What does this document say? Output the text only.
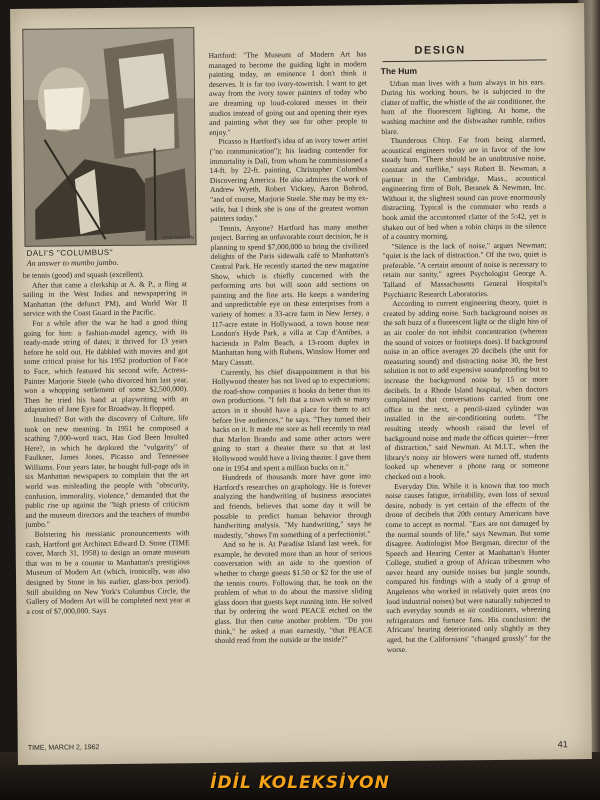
DON MARTIN
DALI'S "COLUMBUS"
An answer to mumbo jumbo.

be tennis (good) and squash (excellent).

After that came a clerkship at A. & P., a fling at sailing in the West Indies and newspapering in Manhattan (the defunct PM), and World War II service with the Coast Guard in the Pacific.

For a while after the war he had a good thing going for him: a fashion-model agency, with its ready-made string of dates; it thrived for 13 years before he sold out. He dabbled with movies and got some critical praise for his 1952 production of Face to Face, which featured his second wife, Actress-Painter Marjorie Steele (who divorced him last year, won a whopping settlement of some $2,500,000). Then he tried his hand at playwriting with an adaptation of Jane Eyre for Broadway. It flopped.

Insulted? But with the discovery of Culture, life took on new meaning. In 1951 he composed a scathing 7,000-word tract, Has God Been Insulted Here?, in which he deplored the "vulgarity" of Faulkner, James Jones, Picasso and Tennessee Williams. Four years later, he bought full-page ads in six Manhattan newspapers to complain that the art world was misleading the people with "obscurity, confusion, immorality, violence," demanded that the public rise up against the "high priests of criticism and the museum directors and the teachers of mumbo jumbo."

Bolstering his messianic pronouncements with cash, Hartford got Architect Edward D. Stone (TIME cover, March 31, 1958) to design an ornate museum that was to be a counter to Manhattan's prestigious Museum of Modern Art (which, ironically, was also designed by Stone in his earlier, glass-box period). Still abuilding on New York's Columbus Circle, the Gallery of Modern Art will be completed next year at a cost of $7,000,000. Says

Hartford: "The Museum of Modern Art has managed to become the guiding light in modern painting today, an eminence I don't think it deserves. It is far too ivory-towerish. I want to get away from the ivory tower painters of today who are dreaming up loud-colored messes in their studios instead of going out and opening their eyes and painting what they see for other people to enjoy."

Picasso is Hartford's idea of an ivory tower artist ("no communication"); his leading contender for immortality is Dali, from whom he commissioned a 14-ft. by 22-ft. painting, Christopher Columbus Discovering America. He also admires the work of Andrew Wyeth, Robert Vickrey, Aaron Bohrod, "and of course, Marjorie Steele. She may be my ex-wife, but I think she is one of the greatest woman painters today."

Tennis, Anyone? Hartford has many another project. Barring an unfavorable court decision, he is planning to spend $7,000,000 to bring the civilized delights of the Paris sidewalk café to Manhattan's Central Park. He recently started the new magazine Show, which is chiefly concerned with the performing arts but will soon add sections on painting and the fine arts. He keeps a wandering and unpredictable eye on these enterprises from a variety of homes: a 33-acre farm in New Jersey, a 117-acre estate in Hollywood, a town house near London's Hyde Park, a villa at Cap d'Antibes, a hacienda in Palm Beach, a 13-room duplex in Manhattan hung with Rubens, Winslow Homer and Mary Cassatt.

Currently, his chief disappointment is that his Hollywood theater has not lived up to expectations; the road-show companies it books do better than its own productions. "I felt that a town with so many actors in it should have a place for them to act before live audiences," he says. "They turned their backs on it. It made me sore as hell recently to read that Marlon Brando and some other actors were going to start a theater there so that at last Hollywood would have a living theater. I gave them one in 1954 and spent a million bucks on it."

Hundreds of thousands more have gone into Hartford's researches on graphology. He is forever analyzing the handwriting of business associates and friends, believes that some day it will be possible to predict human behavior through handwriting analysis. "My handwriting," says he modestly, "shows I'm something of a perfectionist."

And so he is. At Paradise Island last week, for example, he devoted more than an hour of serious conversation with an aide to the question of whether to charge guests $1.50 or $2 for the use of the tennis courts. Following that, he took on the problem of what to do about the massive sliding glass doors that guests kept running into. He solved that by ordering the word PEACE etched on the glass. But then came another problem. "Do you think," he asked a man earnestly, "that PEACE should read from the outside or the inside?"

DESIGN
The Hum

Urban man lives with a hum always in his ears. During his working hours, he is subjected to the clatter of traffic, the whistle of the air conditioner, the hum of the fluorescent lighting. At home, the washing machine and the dishwasher rumble, radios blare.

Thunderous Chirp. Far from being alarmed, acoustical engineers today are in favor of the low steady hum. "There should be an unobtrusive noise, constant and surflike," says Robert B. Newman, a partner in the Cambridge, Mass., acoustical engineering firm of Bolt, Beranek & Newman, Inc. Without it, the slightest sound can prove enormously distracting. Typical is the commuter who reads a book amid the accustomed clatter of the 5:42, yet is shaken out of bed when a robin chirps in the silence of a country morning.

"Silence is the lack of noise," argues Newman; "quiet is the lack of distraction." Of the two, quiet is preferable. "A certain amount of noise is necessary to retain our sanity," agrees Psychologist George A. Talland of Massachusetts General Hospital's Psychiatric Research Laboratories.

According to current engineering theory, quiet is created by adding noise. Such background noises as the soft buzz of a fluorescent light or the slight hiss of an air cooler do not inhibit concentration (whereas the sound of voices or footsteps does). If background noise in an office averages 20 decibels (the unit for measuring sound) and distracting noise 30, the best solution is not to add expensive soundproofing but to increase the background noise by 15 or more decibels. In a Rhode Island hospital, when doctors complained that conversations carried from one office to the next, a pencil-sized cylinder was installed in the air-conditioning outlets. "The resulting steady whoosh raised the level of background noise and made the offices quieter—freer of distraction," said Newman. At M.I.T., when the library's noisy air blowers were turned off, students looked up whenever a phone rang or someone checked out a book.

Everyday Din. While it is known that too much noise causes fatigue, irritability, even loss of sexual desire, nobody is yet certain of the effects of the drone of decibels that 20th century Americans have come to accept as normal. "Ears are not damaged by the normal sounds of life," says Newman. But some disagree. Audiologist Moe Bergman, director of the Speech and Hearing Center at Manhattan's Hunter College, studied a group of African tribesmen who never heard any outside noises but jungle sounds, compared his findings with a study of a group of Angelenos who worked in relatively quiet areas (no loud industrial noises) but were naturally subjected to such everyday sounds as air conditioners, wheezing refrigerators and furnace fans. His conclusion: the Africans' hearing deteriorated only slightly as they aged, but the Californians' "changed grossly" for the worse.

TIME, MARCH 2, 1962	41
İDİL KOLEKSİYON
